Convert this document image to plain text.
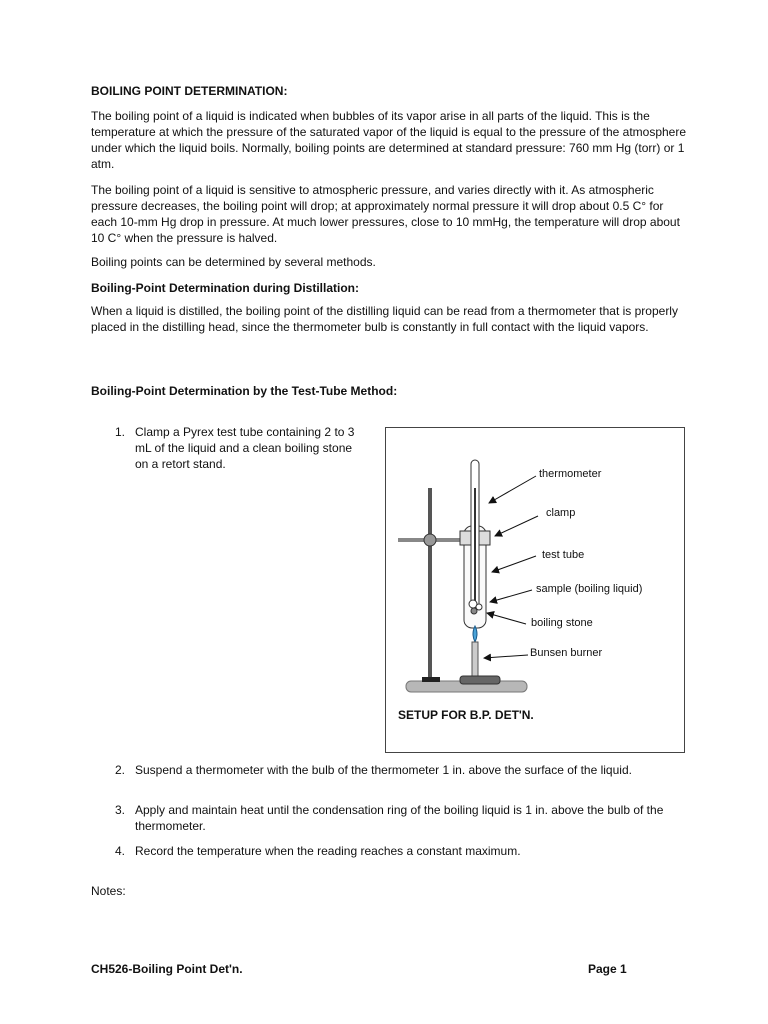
BOILING POINT DETERMINATION:
The boiling point of a liquid is indicated when bubbles of its vapor arise in all parts of the liquid. This is the temperature at which the pressure of the saturated vapor of the liquid is equal to the pressure of the atmosphere under which the liquid boils. Normally, boiling points are determined at standard pressure: 760 mm Hg (torr) or 1 atm.
The boiling point of a liquid is sensitive to atmospheric pressure, and varies directly with it. As atmospheric pressure decreases, the boiling point will drop; at approximately normal pressure it will drop about 0.5 C° for each 10-mm Hg drop in pressure. At much lower pressures, close to 10 mmHg, the temperature will drop about 10 C° when the pressure is halved.
Boiling points can be determined by several methods.
Boiling-Point Determination during Distillation:
When a liquid is distilled, the boiling point of the distilling liquid can be read from a thermometer that is properly placed in the distilling head, since the thermometer bulb is constantly in full contact with the liquid vapors.
Boiling-Point Determination by the Test-Tube Method:
1. Clamp a Pyrex test tube containing 2 to 3 mL of the liquid and a clean boiling stone on a retort stand.
thermometer
clamp
test tube
sample (boiling liquid)
boiling stone
Bunsen burner
SETUP FOR B.P. DET'N.
2. Suspend a thermometer with the bulb of the thermometer 1 in. above the surface of the liquid.
3. Apply and maintain heat until the condensation ring of the boiling liquid is 1 in. above the bulb of the thermometer.
4. Record the temperature when the reading reaches a constant maximum.
Notes:
CH526-Boiling Point Det'n.	Page 1
